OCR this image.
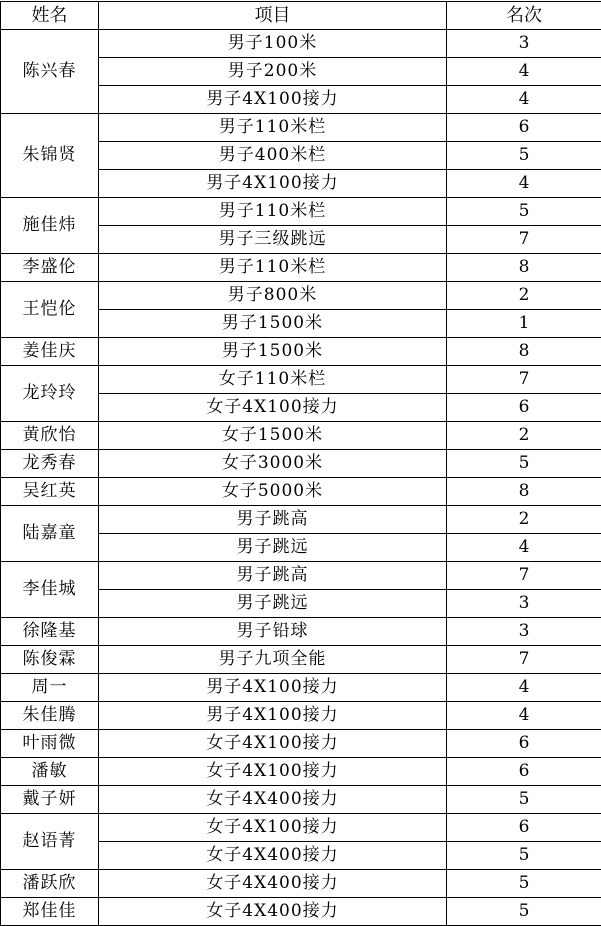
姓名	项目	名次
陈兴春	男子100米	3
	男子200米	4
	男子4X100接力	4
朱锦贤	男子110米栏	6
	男子400米栏	5
	男子4X100接力	4
施佳炜	男子110米栏	5
	男子三级跳远	7
李盛伦	男子110米栏	8
王恺伦	男子800米	2
	男子1500米	1
姜佳庆	男子1500米	8
龙玲玲	女子110米栏	7
	女子4X100接力	6
黄欣怡	女子1500米	2
龙秀春	女子3000米	5
吴红英	女子5000米	8
陆嘉童	男子跳高	2
	男子跳远	4
李佳城	男子跳高	7
	男子跳远	3
徐隆基	男子铅球	3
陈俊霖	男子九项全能	7
周一	男子4X100接力	4
朱佳腾	男子4X100接力	4
叶雨微	女子4X100接力	6
潘敏	女子4X100接力	6
戴子妍	女子4X400接力	5
赵语菁	女子4X100接力	6
	女子4X400接力	5
潘跃欣	女子4X400接力	5
郑佳佳	女子4X400接力	5
